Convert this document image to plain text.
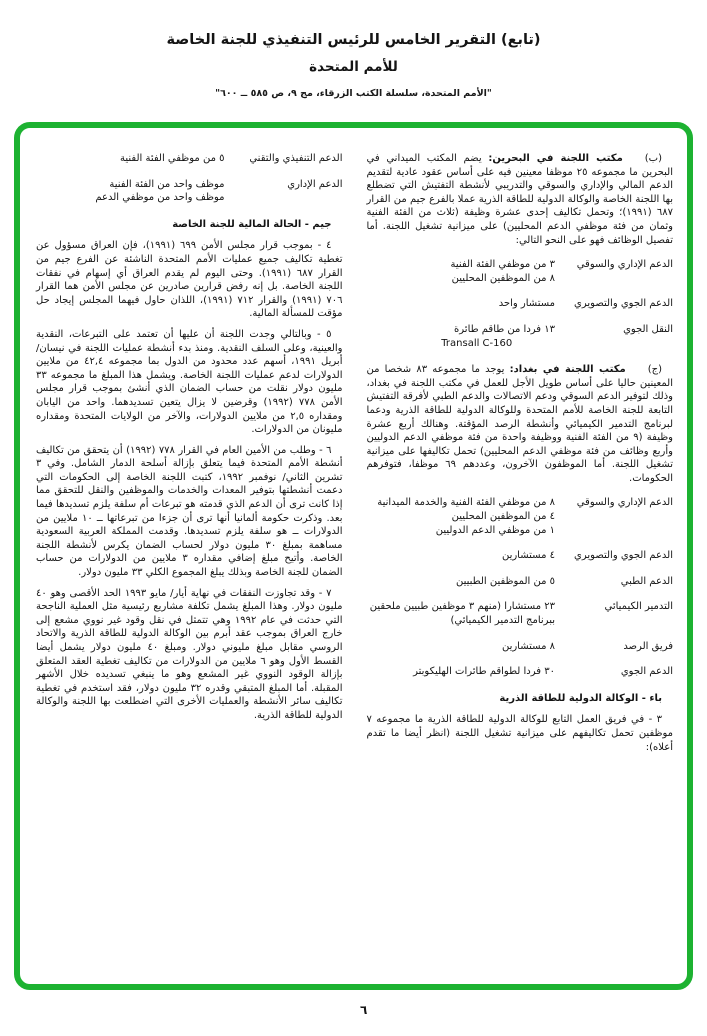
(تابع) التقرير الخامس للرئيس التنفيذي للجنة الخاصة
للأمم المتحدة
"الأمم المتحدة، سلسلة الكتب الزرقاء، مج ٩، ص ٥٨٥ ــ ٦٠٠"

(ب)مكتب اللجنة في البحرين: يضم المكتب الميداني في البحرين ما مجموعه ٢٥ موظفا معينين فيه على أساس عقود عادية لتقديم الدعم المالي والإداري والسوقي والتدريبي لأنشطة التفتيش التي تضطلع بها اللجنة الخاصة والوكالة الدولية للطاقة الذرية عملا بالفرع جيم من القرار ٦٨٧ (١٩٩١)؛ وتحمل تكاليف إحدى عشرة وظيفة (ثلاث من الفئة الفنية وثمان من فئة موظفي الدعم المحليين) على ميزانية تشغيل اللجنة. أما تفصيل الوظائف فهو على النحو التالي:

الدعم الإداري والسوقي
٣ من موظفي الفئة الفنية
٨ من الموظفين المحليين
الدعم الجوي والتصويري
مستشار واحد
النقل الجوي
١٣ فردا من طاقم طائرة
Transall C-160

(ج)مكتب اللجنة في بغداد: يوجد ما مجموعه ٨٣ شخصا من المعينين حاليا على أساس طويل الأجل للعمل في مكتب اللجنة في بغداد، وذلك لتوفير الدعم السوقي ودعم الاتصالات والدعم الطبي لأفرقة التفتيش التابعة للجنة الخاصة للأمم المتحدة وللوكالة الدولية للطاقة الذرية ودعما لبرنامج التدمير الكيميائي وأنشطة الرصد المؤقتة. وهنالك أربع عشرة وظيفة (٩ من الفئة الفنية ووظيفة واحدة من فئة موظفي الدعم الدوليين وأربع وظائف من فئة موظفي الدعم المحليين) تحمل تكاليفها على ميزانية تشغيل اللجنة. أما الموظفون الآخرون، وعددهم ٦٩ موظفا، فتوفرهم الحكومات.

الدعم الإداري والسوقي
٨ من موظفي الفئة الفنية والخدمة الميدانية
٤ من الموظفين المحليين
١ من موظفي الدعم الدوليين
الدعم الجوي والتصويري
٤ مستشارين
الدعم الطبي
٥ من الموظفين الطبيين
التدمير الكيميائي
٢٣ مستشارا (منهم ٣ موظفين طبيين ملحقين ببرنامج التدمير الكيميائي)
فريق الرصد
٨ مستشارين
الدعم الجوي
٣٠ فردا لطواقم طائرات الهليكوبتر

باء - الوكالة الدولية للطاقة الذرية

٣ - في فريق العمل التابع للوكالة الدولية للطاقة الذرية ما مجموعه ٧ موظفين تحمل تكاليفهم على ميزانية تشغيل اللجنة (انظر أيضا ما تقدم أعلاه):

الدعم التنفيذي والتقني
٥ من موظفي الفئة الفنية
الدعم الإداري
موظف واحد من الفئة الفنية
موظف واحد من موظفي الدعم

جيم - الحالة المالية للجنة الخاصة

٤ - بموجب قرار مجلس الأمن ٦٩٩ (١٩٩١)، فإن العراق مسؤول عن تغطية تكاليف جميع عمليات الأمم المتحدة الناشئة عن الفرع جيم من القرار ٦٨٧ (١٩٩١). وحتى اليوم لم يقدم العراق أي إسهام في نفقات اللجنة الخاصة. بل إنه رفض قرارين صادرين عن مجلس الأمن هما القرار ٧٠٦ (١٩٩١) والقرار ٧١٢ (١٩٩١)، اللذان حاول فيهما المجلس إيجاد حل مؤقت للمسألة المالية.

٥ - وبالتالي وجدت اللجنة أن عليها أن تعتمد على التبرعات، النقدية والعينية، وعلى السلف النقدية. ومنذ بدء أنشطة عمليات اللجنة في نيسان/ أبريل ١٩٩١، أسهم عدد محدود من الدول بما مجموعه ٤٢,٤ من ملايين الدولارات لدعم عمليات اللجنة الخاصة. ويشمل هذا المبلغ ما مجموعه ٣٣ مليون دولار نقلت من حساب الضمان الذي أنشئ بموجب قرار مجلس الأمن ٧٧٨ (١٩٩٢) وقرضين لا يزال يتعين تسديدهما. واحد من اليابان ومقداره ٢,٥ من ملايين الدولارات، والآخر من الولايات المتحدة ومقداره مليونان من الدولارات.

٦ - وطلب من الأمين العام في القرار ٧٧٨ (١٩٩٢) أن يتحقق من تكاليف أنشطة الأمم المتحدة فيما يتعلق بإزالة أسلحة الدمار الشامل. وفي ٣ تشرين الثاني/ نوفمبر ١٩٩٢، كتبت اللجنة الخاصة إلى الحكومات التي دعمت أنشطتها بتوفير المعدات والخدمات والموظفين والنقل للتحقق مما إذا كانت ترى أن الدعم الذي قدمته هو تبرعات أم سلفة يلزم تسديدها فيما بعد. وذكرت حكومة ألمانيا أنها ترى أن جزءا من تبرعاتها ــ ١٠ ملايين من الدولارات ــ هو سلفة يلزم تسديدها. وقدمت المملكة العربية السعودية مساهمة بمبلغ ٣٠ مليون دولار لحساب الضمان يكرس لأنشطة اللجنة الخاصة. وأتيح مبلغ إضافي مقداره ٣ ملايين من الدولارات من حساب الضمان للجنة الخاصة وبذلك يبلغ المجموع الكلي ٣٣ مليون دولار.

٧ - وقد تجاوزت النفقات في نهاية أيار/ مايو ١٩٩٣ الحد الأقصى وهو ٤٠ مليون دولار. وهذا المبلغ يشمل تكلفة مشاريع رئيسية مثل العملية الناجحة التي حدثت في عام ١٩٩٢ وهي تتمثل في نقل وقود غير نووي مشعع إلى خارج العراق بموجب عقد أبرم بين الوكالة الدولية للطاقة الذرية والاتحاد الروسي مقابل مبلغ مليوني دولار. ومبلغ ٤٠ مليون دولار يشمل أيضا القسط الأول وهو ٦ ملايين من الدولارات من تكاليف تغطية العقد المتعلق بإزالة الوقود النووي غير المشعع وهو ما ينبغي تسديده خلال الأشهر المقبلة. أما المبلغ المتبقي وقدره ٣٢ مليون دولار، فقد استخدم في تغطية تكاليف سائر الأنشطة والعمليات الأخرى التي اضطلعت بها اللجنة والوكالة الدولية للطاقة الذرية.

٦
